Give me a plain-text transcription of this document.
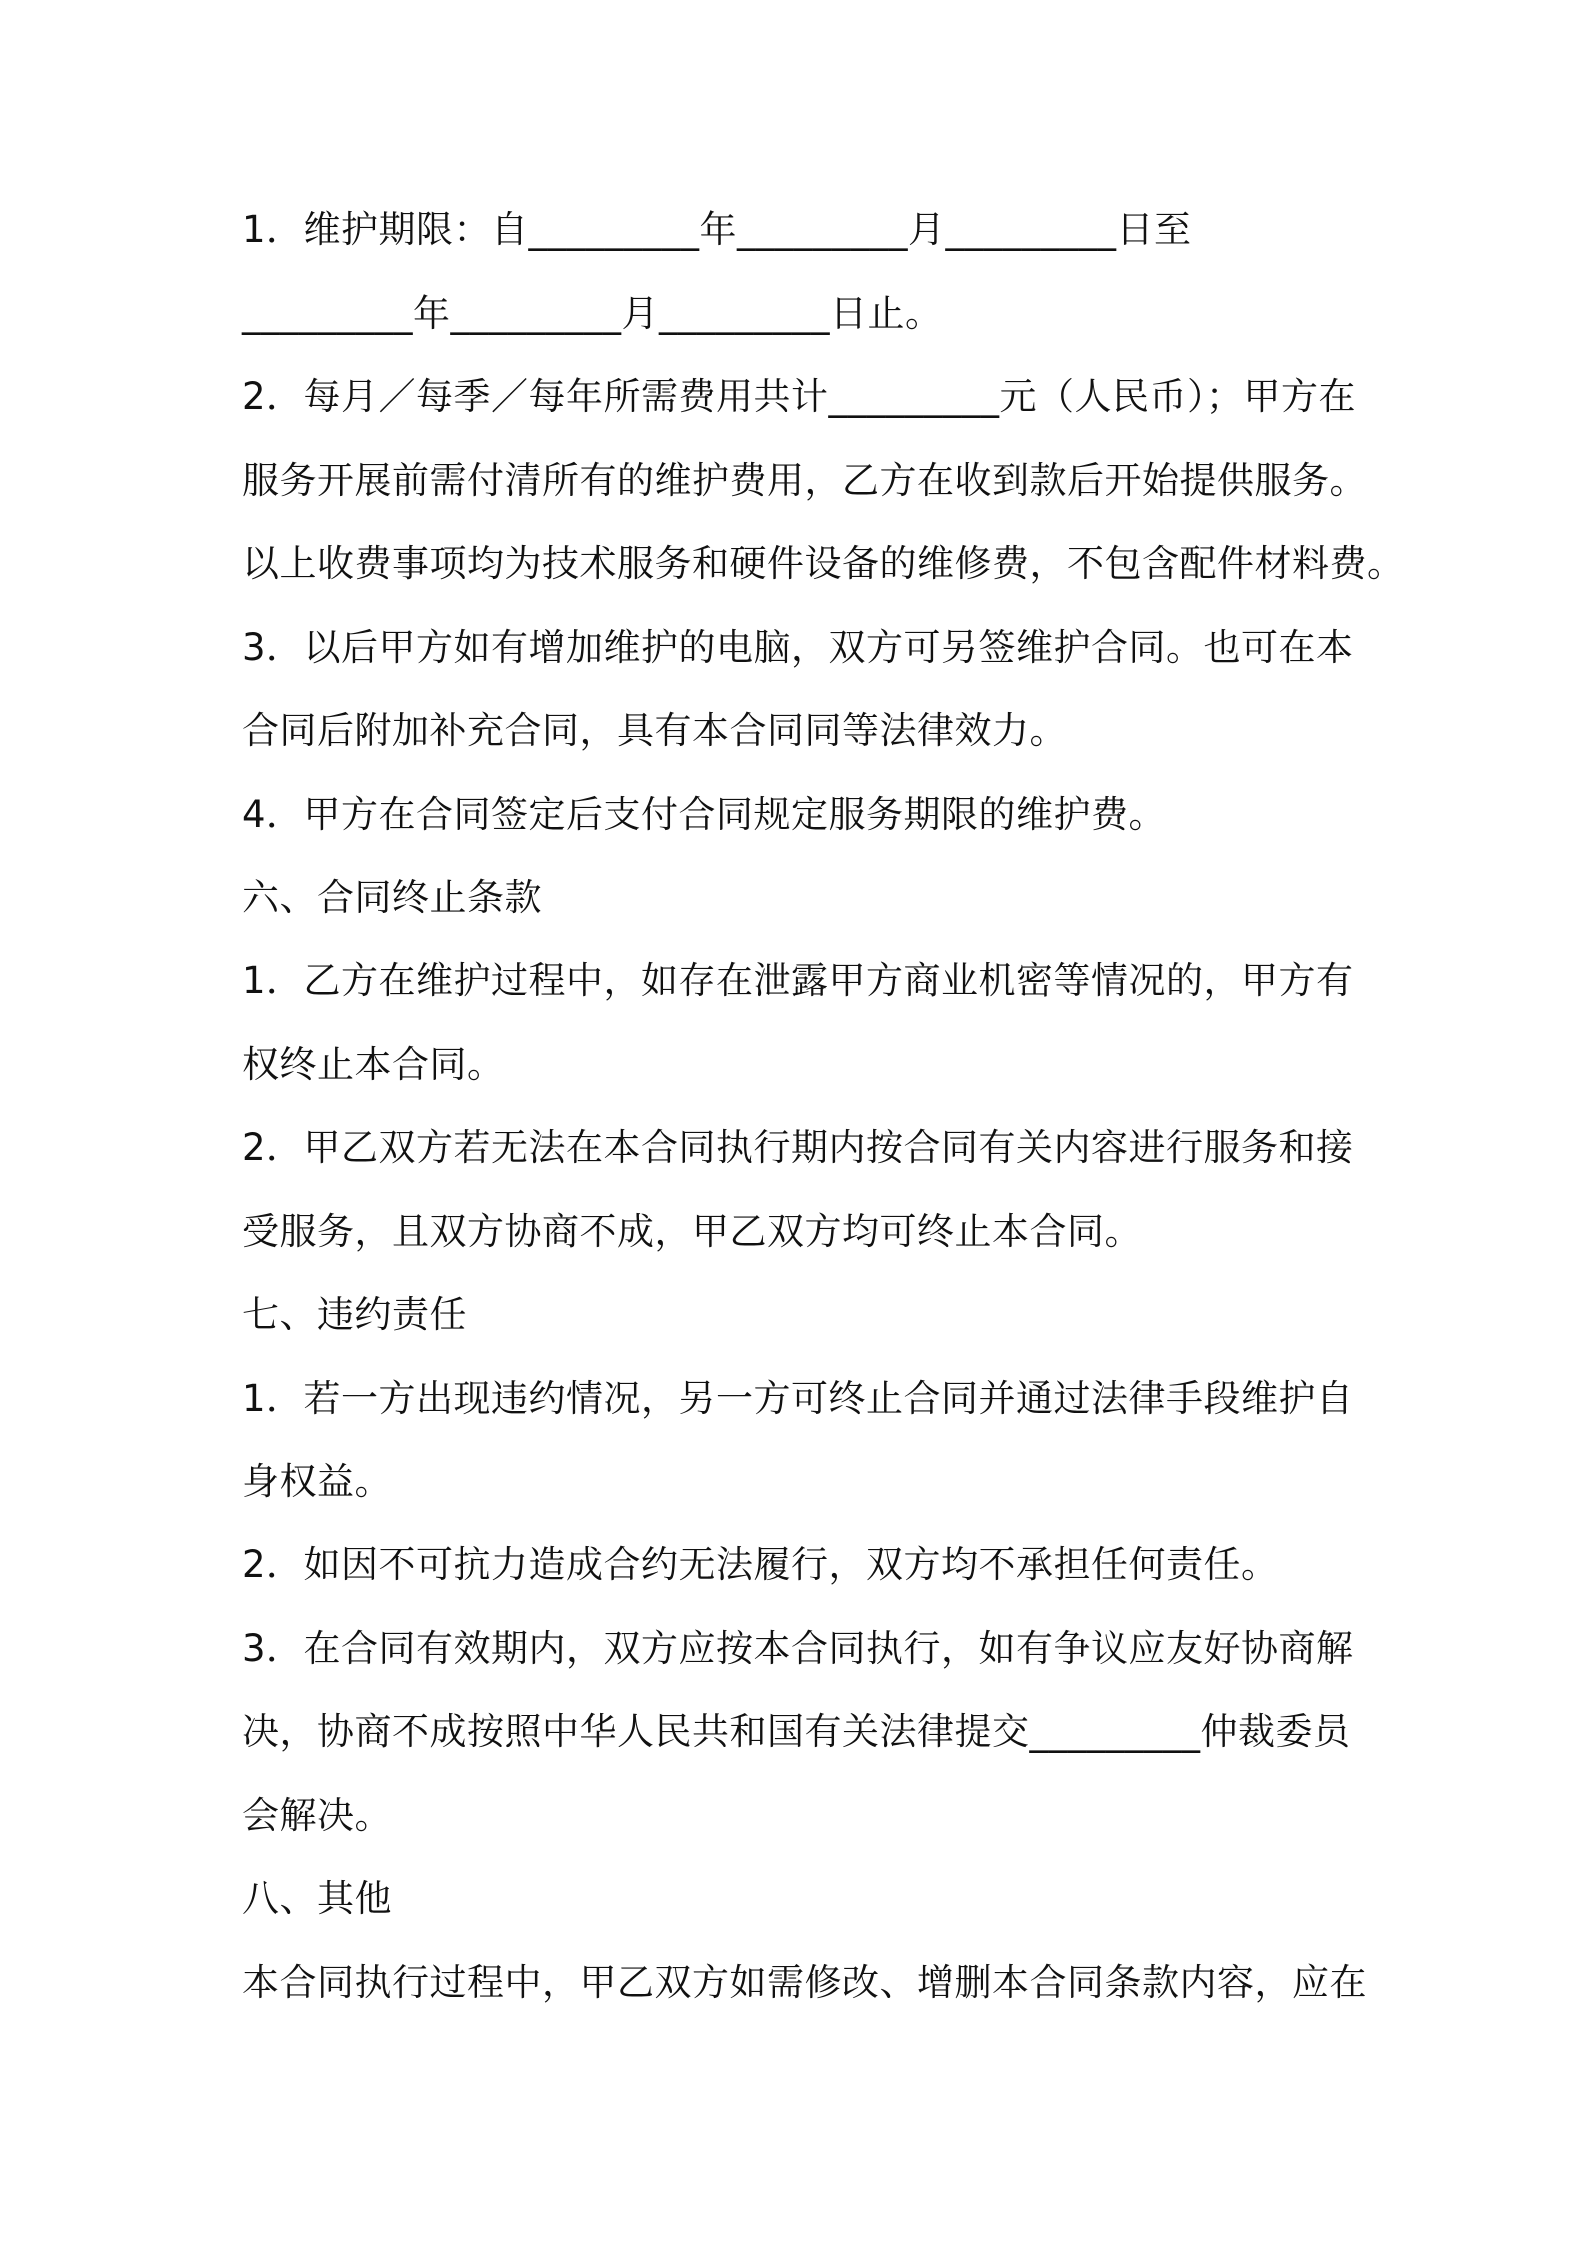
1．维护期限：自_________年_________月_________日至

_________年_________月_________日止。

2．每月／每季／每年所需费用共计_________元（人民币）；甲方在

服务开展前需付清所有的维护费用，乙方在收到款后开始提供服务。

以上收费事项均为技术服务和硬件设备的维修费，不包含配件材料费。

3．以后甲方如有增加维护的电脑，双方可另签维护合同。也可在本

合同后附加补充合同，具有本合同同等法律效力。

4．甲方在合同签定后支付合同规定服务期限的维护费。

六、合同终止条款

1．乙方在维护过程中，如存在泄露甲方商业机密等情况的，甲方有

权终止本合同。

2．甲乙双方若无法在本合同执行期内按合同有关内容进行服务和接

受服务，且双方协商不成，甲乙双方均可终止本合同。

七、违约责任

1．若一方出现违约情况，另一方可终止合同并通过法律手段维护自

身权益。

2．如因不可抗力造成合约无法履行，双方均不承担任何责任。

3．在合同有效期内，双方应按本合同执行，如有争议应友好协商解

决，协商不成按照中华人民共和国有关法律提交_________仲裁委员

会解决。

八、其他

本合同执行过程中，甲乙双方如需修改、增删本合同条款内容，应在
